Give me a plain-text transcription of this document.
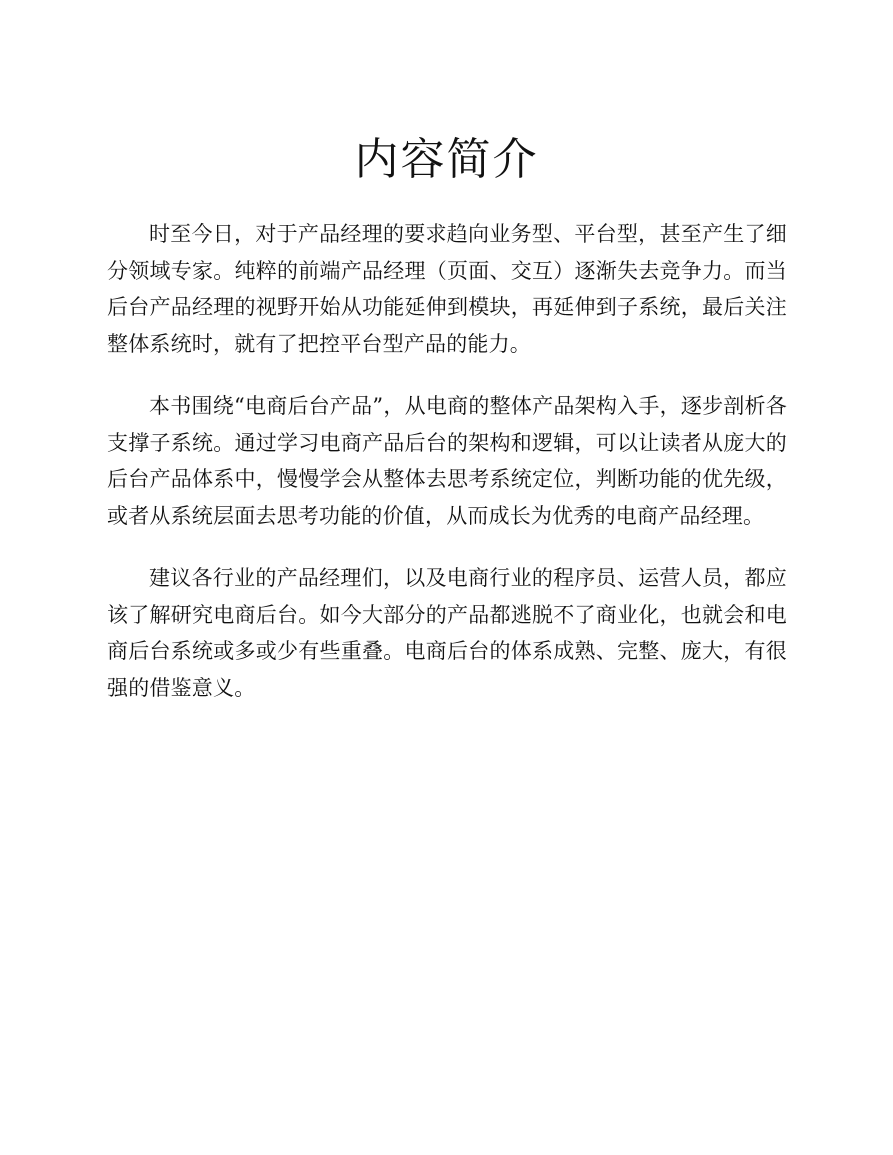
内容简介

时至今日，对于产品经理的要求趋向业务型、平台型，甚至产生了细分领域专家。纯粹的前端产品经理（页面、交互）逐渐失去竞争力。而当后台产品经理的视野开始从功能延伸到模块，再延伸到子系统，最后关注整体系统时，就有了把控平台型产品的能力。

本书围绕“电商后台产品”，从电商的整体产品架构入手，逐步剖析各支撑子系统。通过学习电商产品后台的架构和逻辑，可以让读者从庞大的后台产品体系中，慢慢学会从整体去思考系统定位，判断功能的优先级，或者从系统层面去思考功能的价值，从而成长为优秀的电商产品经理。

建议各行业的产品经理们，以及电商行业的程序员、运营人员，都应该了解研究电商后台。如今大部分的产品都逃脱不了商业化，也就会和电商后台系统或多或少有些重叠。电商后台的体系成熟、完整、庞大，有很强的借鉴意义。
